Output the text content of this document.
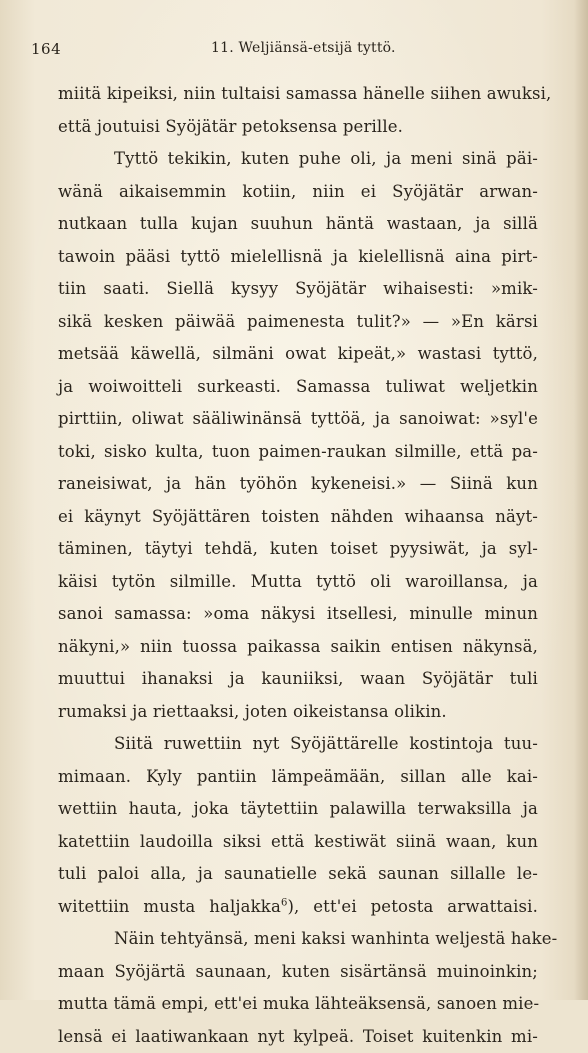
164	11. Weljiänsä-etsijä tyttö.
miitä kipeiksi, niin tultaisi samassa hänelle siihen awuksi,
että joutuisi Syöjätär petoksensa perille.
Tyttö tekikin, kuten puhe oli, ja meni sinä päi-
wänä aikaisemmin kotiin, niin ei Syöjätär arwan-
nutkaan tulla kujan suuhun häntä wastaan, ja sillä
tawoin pääsi tyttö mielellisnä ja kielellisnä aina pirt-
tiin saati. Siellä kysyy Syöjätär wihaisesti: »mik-
sikä kesken päiwää paimenesta tulit?» — »En kärsi
metsää käwellä, silmäni owat kipeät,» wastasi tyttö,
ja woiwoitteli surkeasti. Samassa tuliwat weljetkin
pirttiin, oliwat sääliwinänsä tyttöä, ja sanoiwat: »syl'e
toki, sisko kulta, tuon paimen-raukan silmille, että pa-
raneisiwat, ja hän työhön kykeneisi.» — Siinä kun
ei käynyt Syöjättären toisten nähden wihaansa näyt-
täminen, täytyi tehdä, kuten toiset pyysiwät, ja syl-
käisi tytön silmille. Mutta tyttö oli waroillansa, ja
sanoi samassa: »oma näkysi itsellesi, minulle minun
näkyni,» niin tuossa paikassa saikin entisen näkynsä,
muuttui ihanaksi ja kauniiksi, waan Syöjätär tuli
rumaksi ja riettaaksi, joten oikeistansa olikin.
Siitä ruwettiin nyt Syöjättärelle kostintoja tuu-
mimaan. Kyly pantiin lämpeämään, sillan alle kai-
wettiin hauta, joka täytettiin palawilla terwaksilla ja
katettiin laudoilla siksi että kestiwät siinä waan, kun
tuli paloi alla, ja saunatielle sekä saunan sillalle le-
witettiin musta haljakka$^6$), ett'ei petosta arwattaisi.
Näin tehtyänsä, meni kaksi wanhinta weljestä hake-
maan Syöjärtä saunaan, kuten sisärtänsä muinoinkin;
mutta tämä empi, ett'ei muka lähteäksensä, sanoen mie-
lensä ei laatiwankaan nyt kylpeä. Toiset kuitenkin mi-
